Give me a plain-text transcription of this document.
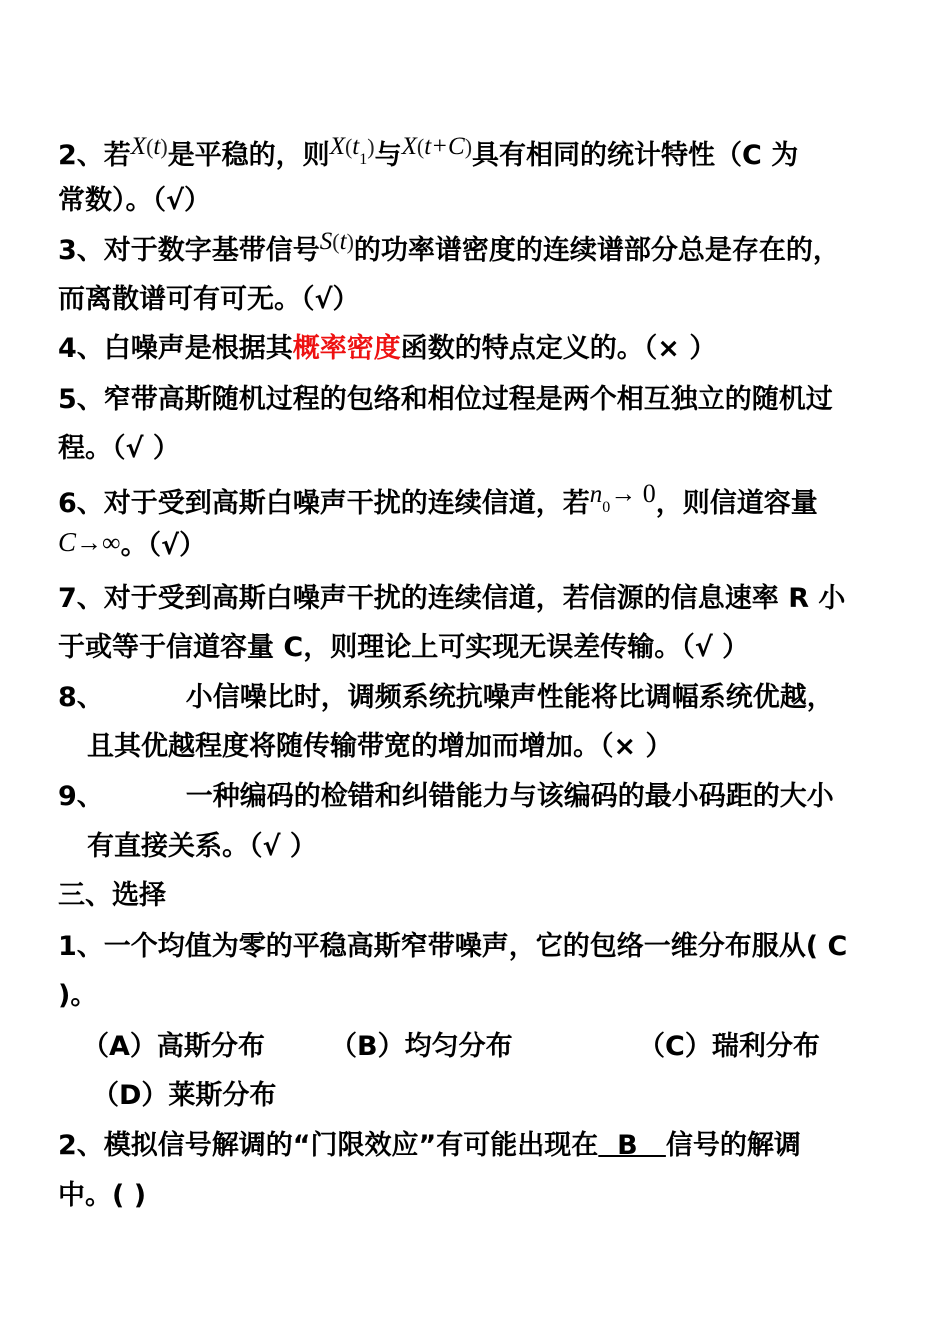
2、若X(t)是平稳的，则$X^(t_1^)$与X(t+C)具有相同的统计特性（C 为
常数）。（√）
3、对于数字基带信号S(t)的功率谱密度的连续谱部分总是存在的，
而离散谱可有可无。（√）
4、白噪声是根据其概率密度函数的特点定义的。（× ）
5、窄带高斯随机过程的包络和相位过程是两个相互独立的随机过
程。（√ ）
6、对于受到高斯白噪声干扰的连续信道，若$n_0\to 0$，则信道容量
C→∞。（√）
7、对于受到高斯白噪声干扰的连续信道，若信源的信息速率 R 小
于或等于信道容量 C，则理论上可实现无误差传输。（√ ）
8、	小信噪比时，调频系统抗噪声性能将比调幅系统优越，
且其优越程度将随传输带宽的增加而增加。（× ）
9、	一种编码的检错和纠错能力与该编码的最小码距的大小
有直接关系。（√ ）
三、选择
1、一个均值为零的平稳高斯窄带噪声，它的包络一维分布服从( C
)。
（A）高斯分布 （B）均匀分布	（C）瑞利分布
（D）莱斯分布
2、模拟信号解调的“门限效应”有可能出现在  B   信号的解调
中。( )
